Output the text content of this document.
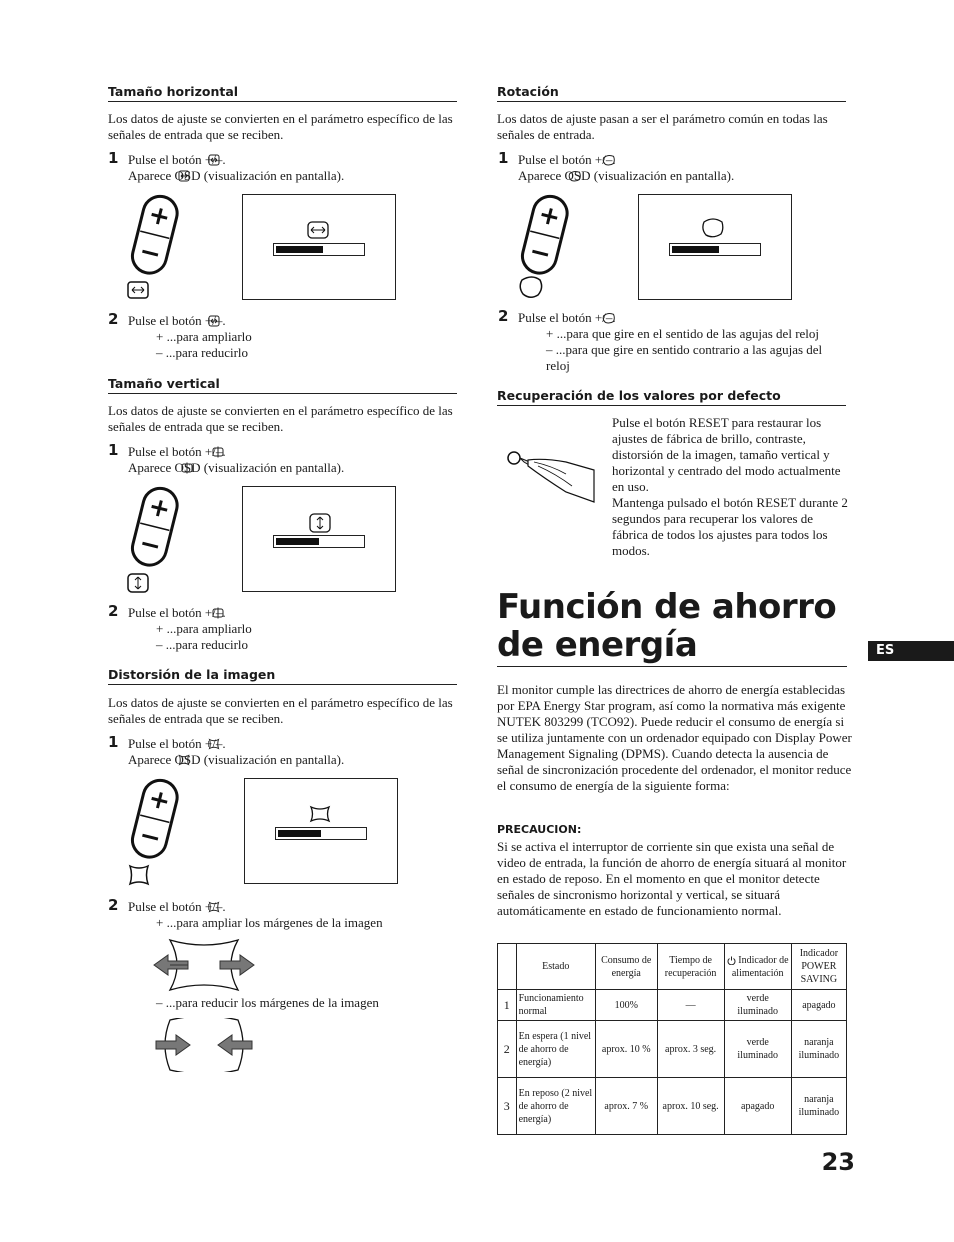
Tamaño horizontal
Los datos de ajuste se convierten en el parámetro específico de las señales de entrada que se reciben.
1 Pulse el botón +/–.
Aparece OSD (visualización en pantalla).
2 Pulse el botón +/–.
+ ...para ampliarlo
– ...para reducirlo
Tamaño vertical
Los datos de ajuste se convierten en el parámetro específico de las señales de entrada que se reciben.
1 Pulse el botón +/–.
Aparece OSD (visualización en pantalla).
2 Pulse el botón +/–.
+ ...para ampliarlo
– ...para reducirlo
Distorsión de la imagen
Los datos de ajuste se convierten en el parámetro específico de las señales de entrada que se reciben.
1 Pulse el botón +/–.
Aparece OSD (visualización en pantalla).
2 Pulse el botón +/–.
+ ...para ampliar los márgenes de la imagen
– ...para reducir los márgenes de la imagen
Rotación
Los datos de ajuste pasan a ser el parámetro común en todas las señales de entrada.
1 Pulse el botón +/–.
Aparece OSD (visualización en pantalla).
2 Pulse el botón +/–.
+ ...para que gire en el sentido de las agujas del reloj
– ...para que gire en sentido contrario a las agujas del reloj
Recuperación de los valores por defecto
Pulse el botón RESET para restaurar los ajustes de fábrica de brillo, contraste, distorsión de la imagen, tamaño vertical y horizontal y centrado del modo actualmente en uso.
Mantenga pulsado el botón RESET durante 2 segundos para recuperar los valores de fábrica de todos los ajustes para todos los modos.
Función de ahorro
de energía	ES
El monitor cumple las directrices de ahorro de energía establecidas por EPA Energy Star program, así como la normativa más exigente NUTEK 803299 (TCO92). Puede reducir el consumo de energía si se utiliza juntamente con un ordenador equipado con Display Power Management Signaling (DPMS). Cuando detecta la ausencia de señal de sincronización procedente del ordenador, el monitor reduce el consumo de energía de la siguiente forma:
PRECAUCION:
Si se activa el interruptor de corriente sin que exista una señal de video de entrada, la función de ahorro de energía situará al monitor en estado de reposo. En el momento en que el monitor detecte señales de sincronismo horizontal y vertical, se situará automáticamente en estado de funcionamiento normal.
	Estado	Consumo de energía	Tiempo de recuperación	Indicador de alimentación	Indicador POWER SAVING
1	Funcionamiento normal	100%	—	verde iluminado	apagado
2	En espera (1 nivel de ahorro de energía)	aprox. 10 %	aprox. 3 seg.	verde iluminado	naranja iluminado
3	En reposo (2 nivel de ahorro de energía)	aprox. 7 %	aprox. 10 seg.	apagado	naranja iluminado
23
